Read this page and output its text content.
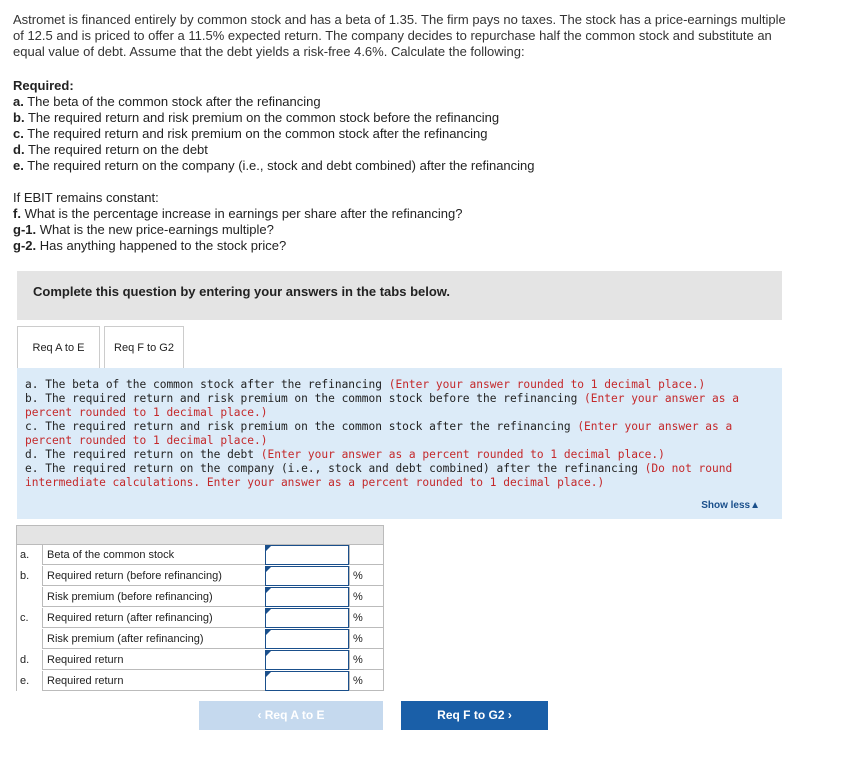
Astromet is financed entirely by common stock and has a beta of 1.35. The firm pays no taxes. The stock has a price-earnings multiple

of 12.5 and is priced to offer a 11.5% expected return. The company decides to repurchase half the common stock and substitute an

equal value of debt. Assume that the debt yields a risk-free 4.6%. Calculate the following:

Required:
a. The beta of the common stock after the refinancing
b. The required return and risk premium on the common stock before the refinancing
c. The required return and risk premium on the common stock after the refinancing
d. The required return on the debt
e. The required return on the company (i.e., stock and debt combined) after the refinancing
If EBIT remains constant:
f. What is the percentage increase in earnings per share after the refinancing?
g-1. What is the new price-earnings multiple?
g-2. Has anything happened to the stock price?
Complete this question by entering your answers in the tabs below.
Req A to E	Req F to G2
a. The beta of the common stock after the refinancing (Enter your answer rounded to 1 decimal place.)
b. The required return and risk premium on the common stock before the refinancing (Enter your answer as a percent rounded to 1 decimal place.)
c. The required return and risk premium on the common stock after the refinancing (Enter your answer as a percent rounded to 1 decimal place.)
d. The required return on the debt (Enter your answer as a percent rounded to 1 decimal place.)
e. The required return on the company (i.e., stock and debt combined) after the refinancing (Do not round intermediate calculations. Enter your answer as a percent rounded to 1 decimal place.)
Show less▲
a.	Beta of the common stock
b.	Required return (before refinancing)	%
Risk premium (before refinancing)	%
c.	Required return (after refinancing)	%
Risk premium (after refinancing)	%
d.	Required return	%
e.	Required return	%
‹ Req A to E	Req F to G2 ›
